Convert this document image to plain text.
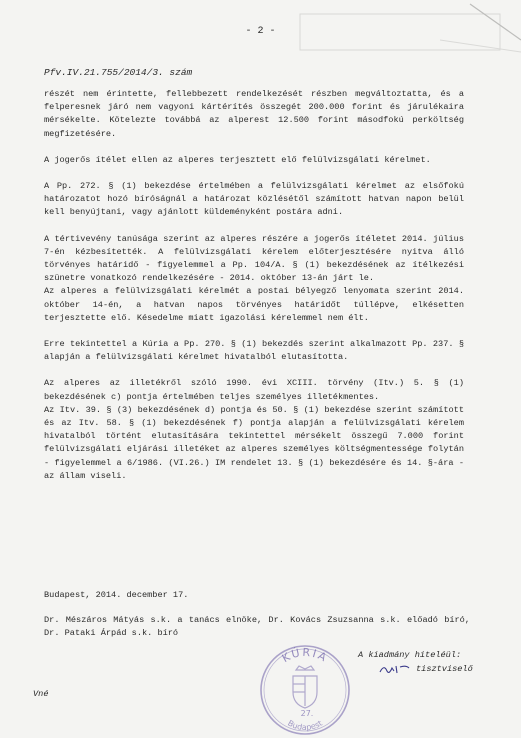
- 2 -
Pfv.IV.21.755/2014/3. szám

részét nem érintette, fellebbezett rendelkezését részben megváltoztatta, és a felperesnek járó nem vagyoni kártérítés összegét 200.000 forint és járulékaira mérsékelte. Kötelezte továbbá az alperest 12.500 forint másodfokú perköltség megfizetésére.

A jogerős ítélet ellen az alperes terjesztett elő felülvizsgálati kérelmet.

A Pp. 272. § (1) bekezdése értelmében a felülvizsgálati kérelmet az elsőfokú határozatot hozó bíróságnál a határozat közlésétől számított hatvan napon belül kell benyújtani, vagy ajánlott küldeményként postára adni.

A tértivevény tanúsága szerint az alperes részére a jogerős ítéletet 2014. július 7-én kézbesítették. A felülvizsgálati kérelem előterjesztésére nyitva álló törvényes határidő - figyelemmel a Pp. 104/A. § (1) bekezdésének az ítélkezési szünetre vonatkozó rendelkezésére - 2014. október 13-án járt le.

Az alperes a felülvizsgálati kérelmét a postai bélyegző lenyomata szerint 2014. október 14-én, a hatvan napos törvényes határidőt túllépve, elkésetten terjesztette elő. Késedelme miatt igazolási kérelemmel nem élt.

Erre tekintettel a Kúria a Pp. 270. § (1) bekezdés szerint alkalmazott Pp. 237. § alapján a felülvizsgálati kérelmet hivatalból elutasította.

Az alperes az illetékről szóló 1990. évi XCIII. törvény (Itv.) 5. § (1) bekezdésének c) pontja értelmében teljes személyes illetékmentes.

Az Itv. 39. § (3) bekezdésének d) pontja és 50. § (1) bekezdése szerint számított és az Itv. 58. § (1) bekezdésének f) pontja alapján a felülvizsgálati kérelem hivatalból történt elutasítására tekintettel mérsékelt összegű 7.000 forint felülvizsgálati eljárási illetéket az alperes személyes költségmentessége folytán - figyelemmel a 6/1986. (VI.26.) IM rendelet 13. § (1) bekezdésére és 14. §-ára - az állam viseli.

Budapest, 2014. december 17.
Dr. Mészáros Mátyás s.k. a tanács elnöke, Dr. Kovács Zsuzsanna s.k. előadó bíró, Dr. Pataki Árpád s.k. bíró
KÚRIA
Budapest
27.
A kiadmány hiteléül:
tisztviselő
Vné
